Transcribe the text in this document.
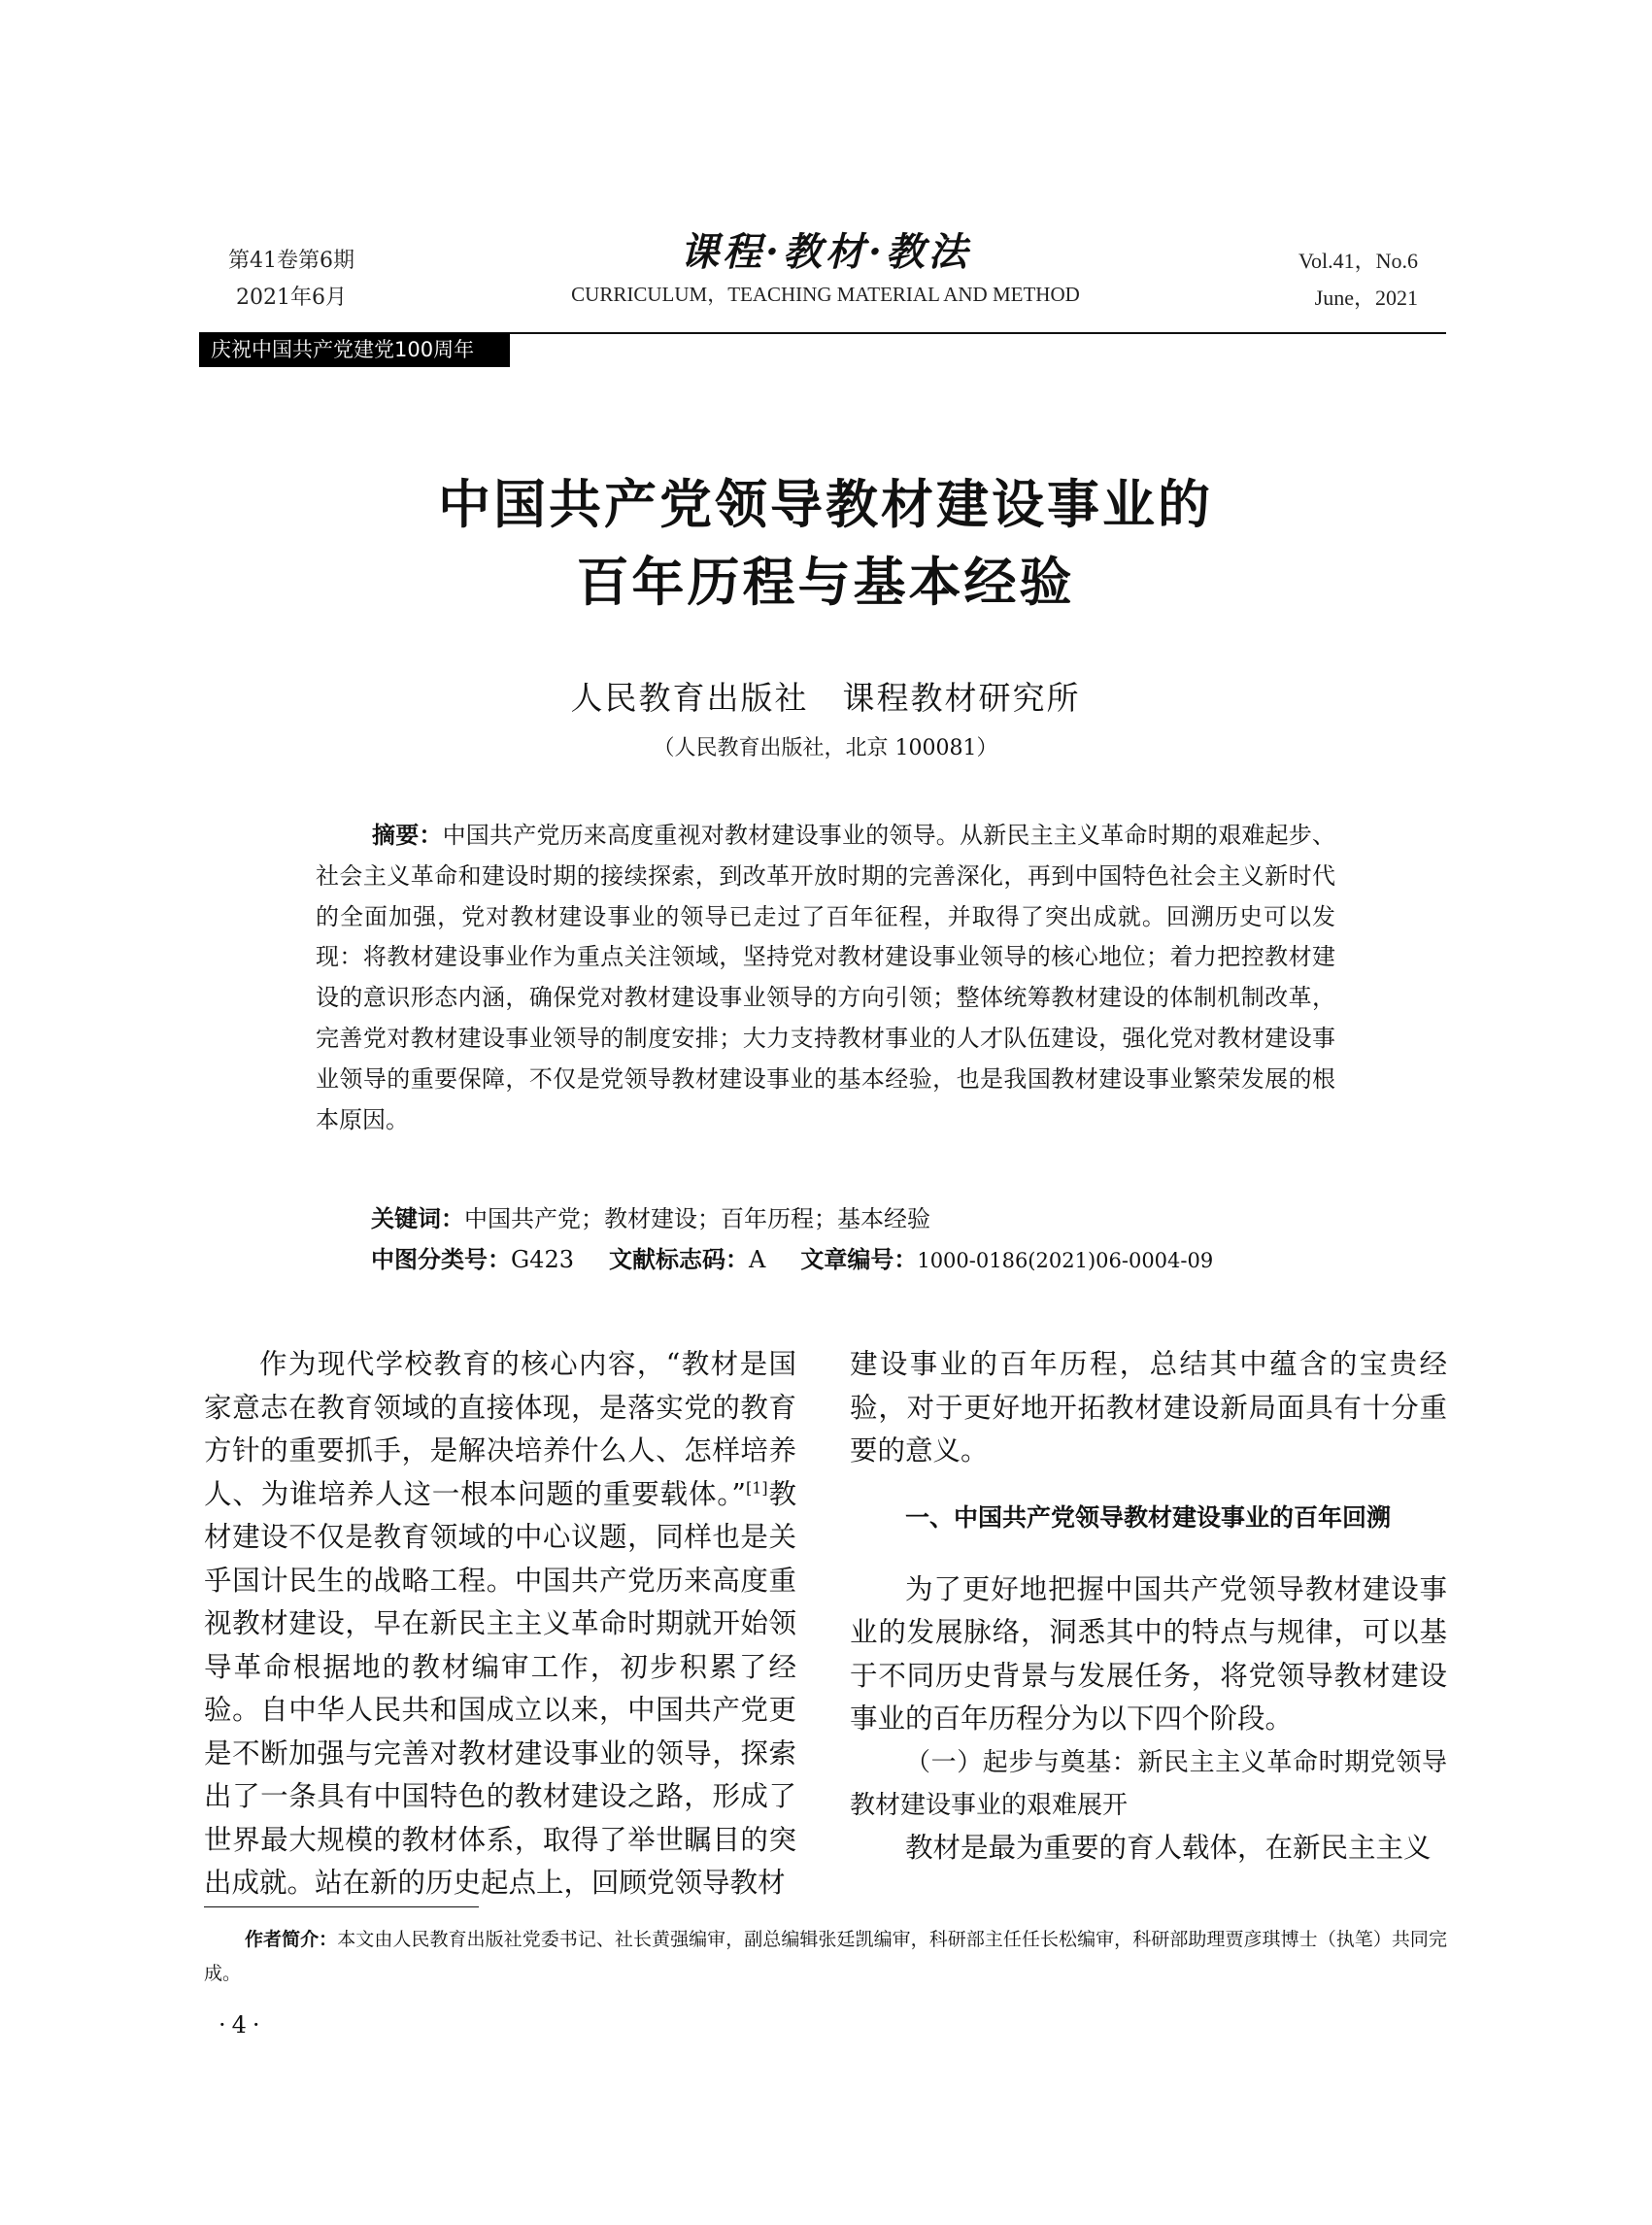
第41卷第6期
2021年6月
课程·教材·教法
CURRICULUM，TEACHING MATERIAL AND METHOD
Vol.41，No.6
June，2021
庆祝中国共产党建党100周年
中国共产党领导教材建设事业的
百年历程与基本经验
人民教育出版社　课程教材研究所
（人民教育出版社，北京 100081）
摘要：中国共产党历来高度重视对教材建设事业的领导。从新民主主义革命时期的艰难起步、社会主义革命和建设时期的接续探索，到改革开放时期的完善深化，再到中国特色社会主义新时代的全面加强，党对教材建设事业的领导已走过了百年征程，并取得了突出成就。回溯历史可以发现：将教材建设事业作为重点关注领域，坚持党对教材建设事业领导的核心地位；着力把控教材建设的意识形态内涵，确保党对教材建设事业领导的方向引领；整体统筹教材建设的体制机制改革，完善党对教材建设事业领导的制度安排；大力支持教材事业的人才队伍建设，强化党对教材建设事业领导的重要保障，不仅是党领导教材建设事业的基本经验，也是我国教材建设事业繁荣发展的根本原因。
关键词：中国共产党；教材建设；百年历程；基本经验
中图分类号：G423 文献标志码：A 文章编号：1000-0186(2021)06-0004-09

作为现代学校教育的核心内容，“教材是国家意志在教育领域的直接体现，是落实党的教育方针的重要抓手，是解决培养什么人、怎样培养人、为谁培养人这一根本问题的重要载体。”[1]教材建设不仅是教育领域的中心议题，同样也是关乎国计民生的战略工程。中国共产党历来高度重视教材建设，早在新民主主义革命时期就开始领导革命根据地的教材编审工作，初步积累了经验。自中华人民共和国成立以来，中国共产党更是不断加强与完善对教材建设事业的领导，探索出了一条具有中国特色的教材建设之路，形成了世界最大规模的教材体系，取得了举世瞩目的突出成就。站在新的历史起点上，回顾党领导教材

建设事业的百年历程，总结其中蕴含的宝贵经验，对于更好地开拓教材建设新局面具有十分重要的意义。

一、中国共产党领导教材建设事业的百年回溯

为了更好地把握中国共产党领导教材建设事业的发展脉络，洞悉其中的特点与规律，可以基于不同历史背景与发展任务，将党领导教材建设事业的百年历程分为以下四个阶段。

（一）起步与奠基：新民主主义革命时期党领导教材建设事业的艰难展开

教材是最为重要的育人载体，在新民主主义

作者简介：本文由人民教育出版社党委书记、社长黄强编审，副总编辑张廷凯编审，科研部主任任长松编审，科研部助理贾彦琪博士（执笔）共同完成。
·4·
